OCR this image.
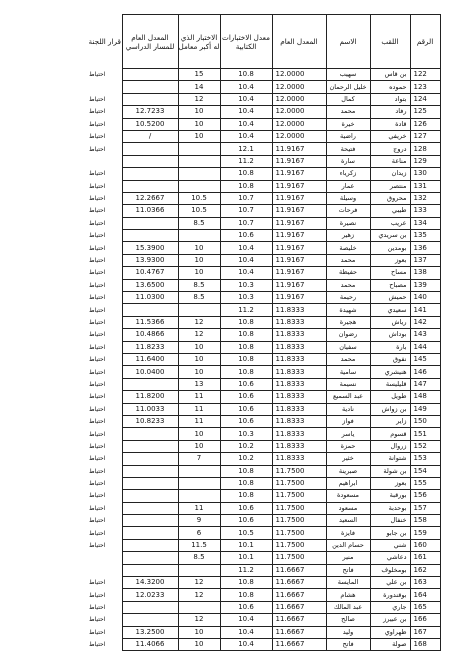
قرار اللجنة	المعدل العام للمسار الدراسي	الاختبار الذي له أكبر معامل	معدل الاختبارات الكتابية	المعدل العام	الاسم	اللقب	الرقم
احتياط		15	10.8	12.0000	سهيب	بن قاس	122
		14	10.4	12.0000	خليل الرحمان	حموده	123
احتياط		12	10.4	12.0000	كمال	بتواد	124
احتياط	12.7233	10	10.4	12.0000	محمد	رفاد	125
احتياط	10.5200	10	10.4	12.0000	خيرة	قادة	126
احتياط	/	10	10.4	12.0000	راضية	خريفي	127
احتياط			12.1	11.9167	فتيحة	دروج	128
			11.2	11.9167	سارة	مناعة	129
احتياط			10.8	11.9167	زكرياء	زيدان	130
احتياط			10.8	11.9167	عمار	منتصر	131
احتياط	12.2667	10.5	10.7	11.9167	وسيلة	محروق	132
احتياط	11.0366	10.5	10.7	11.9167	فرحات	طيبي	133
احتياط		8.5	10.7	11.9167	نصيرة	عريب	134
احتياط			10.6	11.9167	زهير	بن سريدي	135
احتياط	15.3900	10	10.4	11.9167	خليصة	بومدين	136
احتياط	13.9300	10	10.4	11.9167	محمد	بعوز	137
احتياط	10.4767	10	10.4	11.9167	حفيظة	مساح	138
احتياط	13.6500	8.5	10.3	11.9167	محمد	مصباح	139
احتياط	11.0300	8.5	10.3	11.9167	رحيمة	حميش	140
احتياط			11.2	11.8333	شهيدة	سعيدي	141
احتياط	11.5366	12	10.8	11.8333	هجيرة	رياش	142
احتياط	10.4866	12	10.8	11.8333	رضوان	بوداش	143
احتياط	11.8233	10	10.8	11.8333	سفيان	بارة	144
احتياط	11.6400	10	10.8	11.8333	محمد	نفوق	145
احتياط	10.0400	10	10.8	11.8333	سامية	هنيشري	146
احتياط		13	10.6	11.8333	نسيمة	قليليسة	147
احتياط	11.8200	11	10.6	11.8333	عبد السميع	طويل	148
احتياط	11.0033	11	10.6	11.8333	نادية	بن زواش	149
احتياط	10.8233	11	10.6	11.8333	فواز	زاير	150
احتياط		10	10.3	11.8333	ياسر	قسوم	151
احتياط		10	10.2	11.8333	حمزة	زروال	152
احتياط		7	10.2	11.8333	خثير	شتوانة	153
احتياط			10.8	11.7500	صبرينة	بن شولة	154
احتياط			10.8	11.7500	ابراهيم	بعوز	155
احتياط			10.8	11.7500	مسعودة	بورقبة	156
احتياط		11	10.6	11.7500	مسعود	بوحدبة	157
احتياط		9	10.6	11.7500	السعيد	خنفال	158
احتياط		6	10.5	11.7500	فايزة	بن جابو	159
احتياط		11.5	10.1	11.7500	حسام الدين	شني	160
		8.5	10.1	11.7500	منير	دعاشي	161
			11.2	11.6667	فاتح	بومخلوف	162
احتياط	14.3200	12	10.8	11.6667	المايسة	بن علي	163
احتياط	12.0233	12	10.8	11.6667	هشام	بوقندورة	164
احتياط			10.6	11.6667	عبد المالك	جاري	165
احتياط		12	10.4	11.6667	صالح	بن عبيرز	166
احتياط	13.2500	10	10.4	11.6667	وليد	ظهراوي	167
احتياط	11.4066	10	10.4	11.6667	فاتح	صولة	168
